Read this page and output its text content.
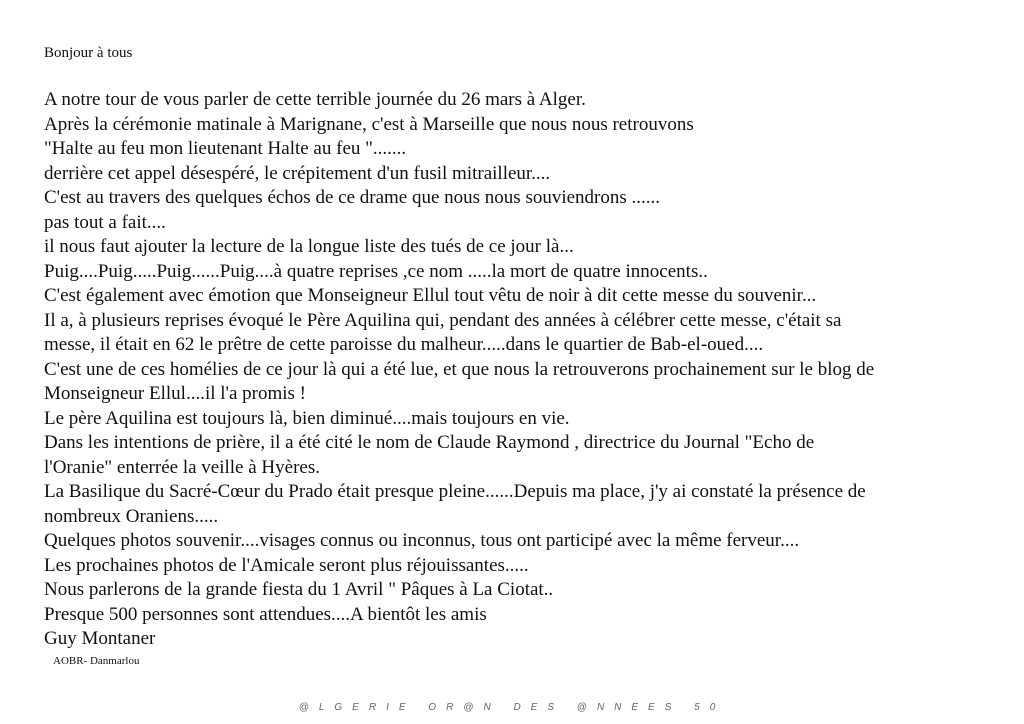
Bonjour à tous
A notre tour de vous parler de cette terrible journée du 26 mars à Alger.
Après la cérémonie matinale à Marignane, c'est à Marseille que nous nous retrouvons
"Halte au feu mon lieutenant Halte au feu ".......
derrière cet appel désespéré, le crépitement d'un fusil mitrailleur....
C'est au travers des quelques échos de ce drame que nous nous souviendrons ......
pas tout a fait....
il nous faut ajouter la lecture de la longue liste des tués de ce jour là...
Puig....Puig.....Puig......Puig....à quatre reprises ,ce nom .....la mort de quatre innocents..
C'est également avec émotion que Monseigneur Ellul tout vêtu de noir à dit cette messe du souvenir...
Il a, à plusieurs reprises évoqué le Père Aquilina qui, pendant des années à célébrer cette messe, c'était sa
messe, il était en 62 le prêtre de cette paroisse du malheur.....dans le quartier de Bab-el-oued....
C'est une de ces homélies de ce jour là qui a été lue, et que nous la retrouverons prochainement sur le blog de
Monseigneur Ellul....il l'a promis !
Le père Aquilina est toujours là, bien diminué....mais toujours en vie.
Dans les intentions de prière, il a été cité le nom de Claude Raymond , directrice du Journal "Echo de
l'Oranie" enterrée la veille à Hyères.
La Basilique du Sacré-Cœur du Prado était presque pleine......Depuis ma place, j'y ai constaté la présence de
nombreux Oraniens.....
Quelques photos souvenir....visages connus ou inconnus, tous ont participé avec la même ferveur....
Les prochaines photos de l'Amicale seront plus réjouissantes.....
Nous parlerons de la grande fiesta du 1 Avril " Pâques à La Ciotat..
Presque 500 personnes sont attendues....A bientôt les amis
Guy Montaner
AOBR- Danmarlou
@LGERIE OR@N DES @NNEES 50
